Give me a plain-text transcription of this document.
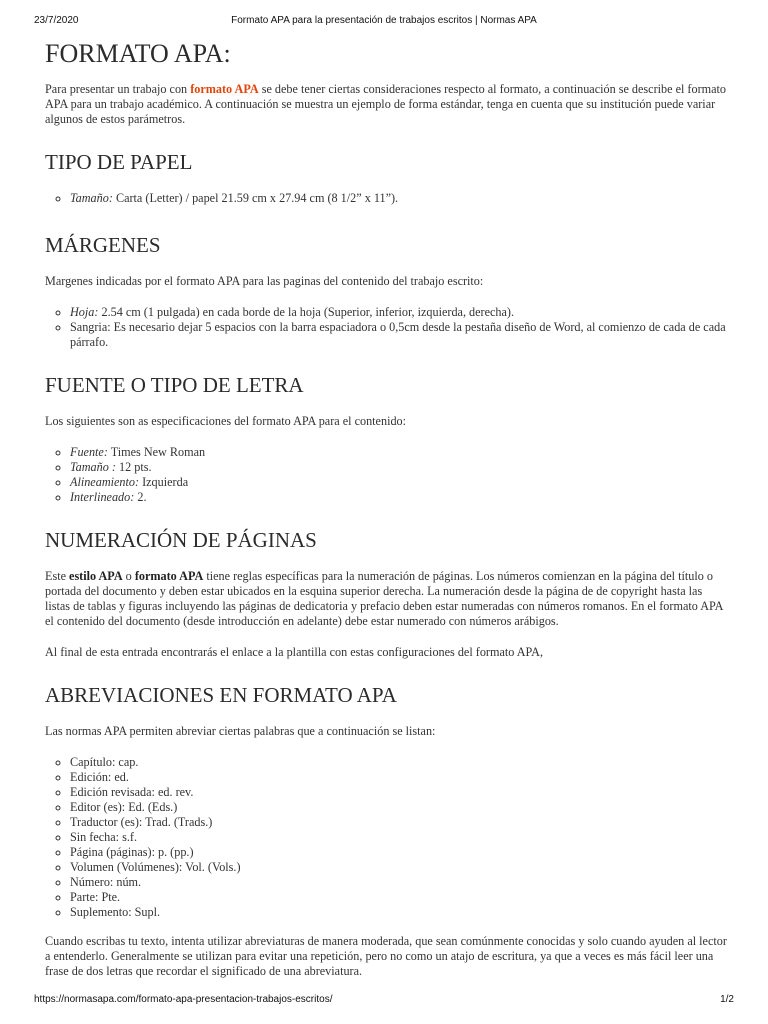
23/7/2020	Formato APA para la presentación de trabajos escritos | Normas APA
FORMATO APA:

Para presentar un trabajo con formato APA se debe tener ciertas consideraciones respecto al formato, a continuación se describe el formato APA para un trabajo académico. A continuación se muestra un ejemplo de forma estándar, tenga en cuenta que su institución puede variar algunos de estos parámetros.

TIPO DE PAPEL
◦ Tamaño: Carta (Letter) / papel 21.59 cm x 27.94 cm (8 1/2” x 11”).
MÁRGENES

Margenes indicadas por el formato APA para las paginas del contenido del trabajo escrito:

◦ Hoja: 2.54 cm (1 pulgada) en cada borde de la hoja (Superior, inferior, izquierda, derecha).
◦ Sangria: Es necesario dejar 5 espacios con la barra espaciadora o 0,5cm desde la pestaña diseño de Word, al comienzo de cada de cada párrafo.
FUENTE O TIPO DE LETRA

Los siguientes son as especificaciones del formato APA para el contenido:

◦ Fuente: Times New Roman
◦ Tamaño : 12 pts.
◦ Alineamiento: Izquierda
◦ Interlineado: 2.
NUMERACIÓN DE PÁGINAS

Este estilo APA o formato APA tiene reglas específicas para la numeración de páginas. Los números comienzan en la página del título o portada del documento y deben estar ubicados en la esquina superior derecha. La numeración desde la página de de copyright hasta las listas de tablas y figuras incluyendo las páginas de dedicatoria y prefacio deben estar numeradas con números romanos. En el formato APA el contenido del documento (desde introducción en adelante) debe estar numerado con números arábigos.

Al final de esta entrada encontrarás el enlace a la plantilla con estas configuraciones del formato APA,

ABREVIACIONES EN FORMATO APA

Las normas APA permiten abreviar ciertas palabras que a continuación se listan:

◦ Capítulo: cap.
◦ Edición: ed.
◦ Edición revisada: ed. rev.
◦ Editor (es): Ed. (Eds.)
◦ Traductor (es): Trad. (Trads.)
◦ Sin fecha: s.f.
◦ Página (páginas): p. (pp.)
◦ Volumen (Volúmenes): Vol. (Vols.)
◦ Número: núm.
◦ Parte: Pte.
◦ Suplemento: Supl.

Cuando escribas tu texto, intenta utilizar abreviaturas de manera moderada, que sean comúnmente conocidas y solo cuando ayuden al lector a entenderlo. Generalmente se utilizan para evitar una repetición, pero no como un atajo de escritura, ya que a veces es más fácil leer una frase de dos letras que recordar el significado de una abreviatura.

https://normasapa.com/formato-apa-presentacion-trabajos-escritos/	1/2
